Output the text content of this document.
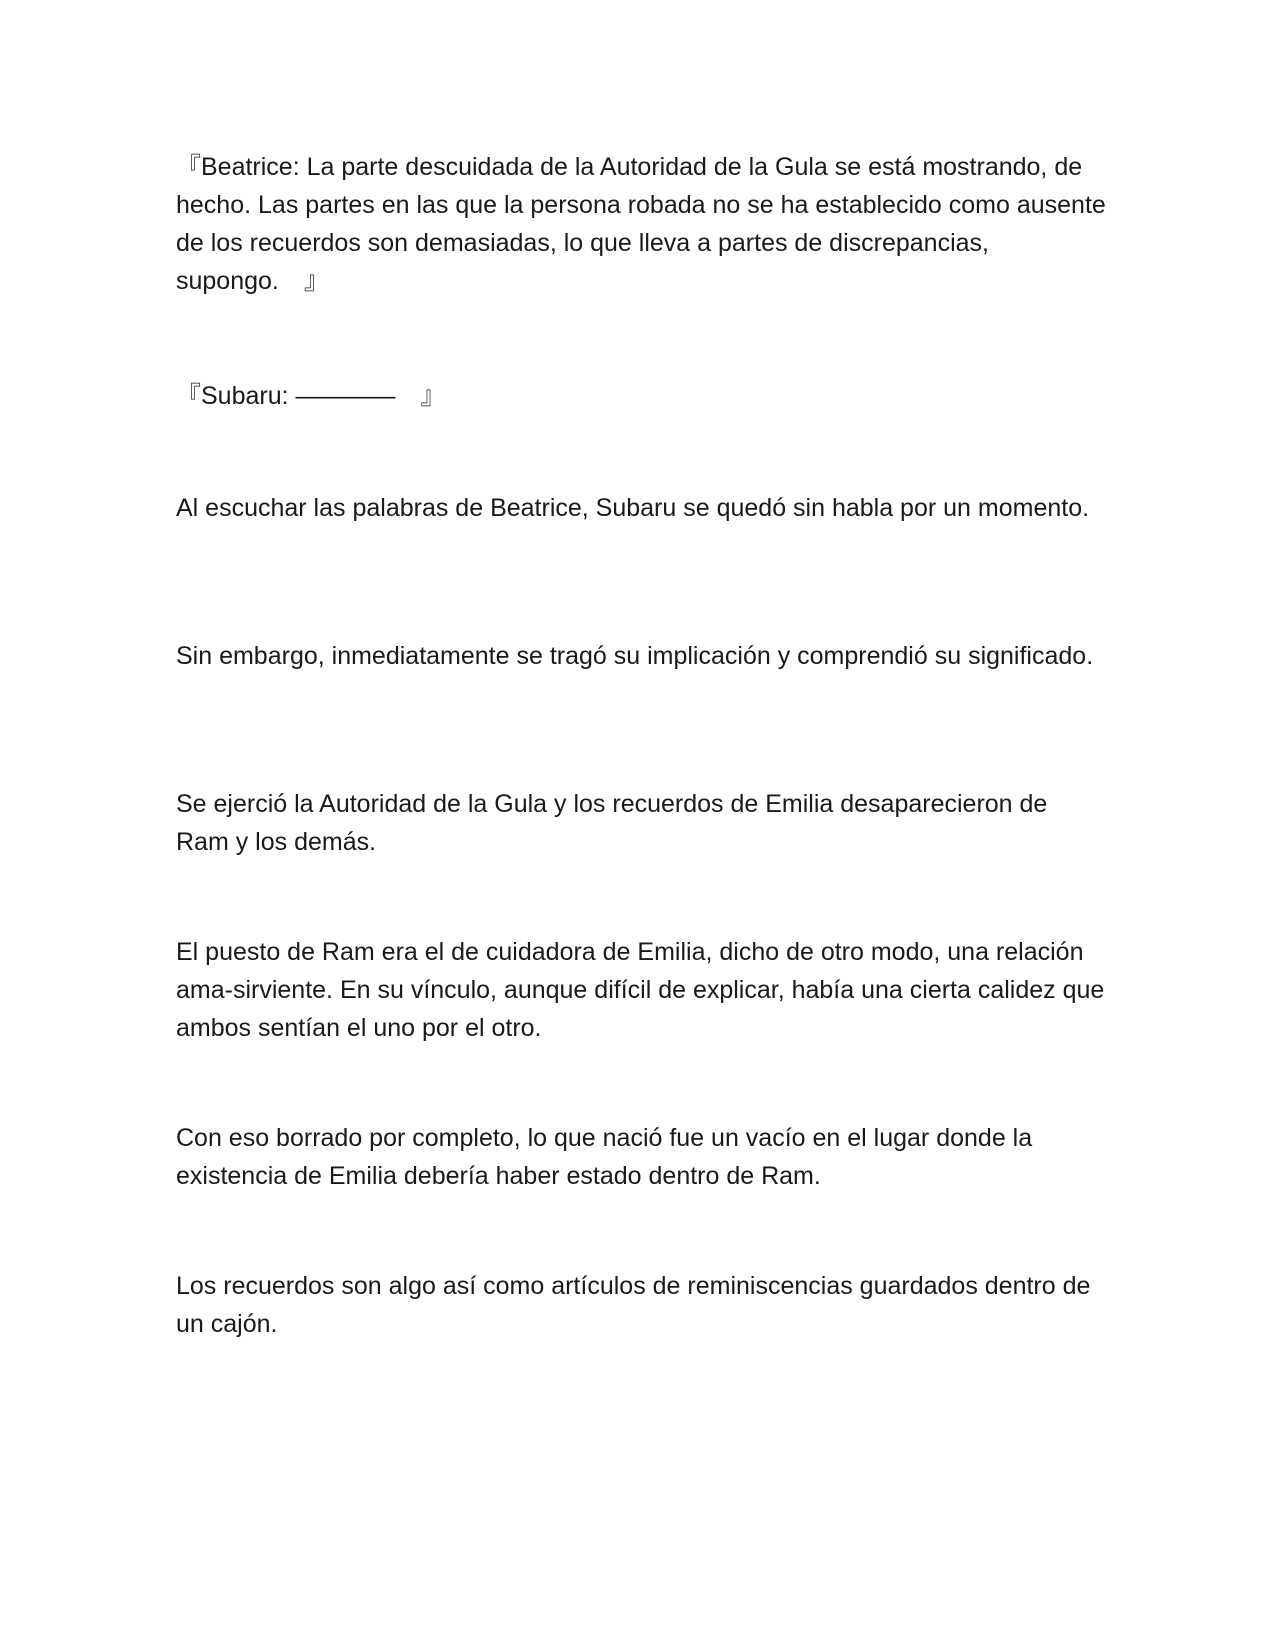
『Beatrice: La parte descuidada de la Autoridad de la Gula se está mostrando, de hecho. Las partes en las que la persona robada no se ha establecido como ausente de los recuerdos son demasiadas, lo que lleva a partes de discrepancias, supongo.　』

『Subaru: ————　』

Al escuchar las palabras de Beatrice, Subaru se quedó sin habla por un momento.

Sin embargo, inmediatamente se tragó su implicación y comprendió su significado.

Se ejerció la Autoridad de la Gula y los recuerdos de Emilia desaparecieron de Ram y los demás.

El puesto de Ram era el de cuidadora de Emilia, dicho de otro modo, una relación ama-sirviente. En su vínculo, aunque difícil de explicar, había una cierta calidez que ambos sentían el uno por el otro.

Con eso borrado por completo, lo que nació fue un vacío en el lugar donde la existencia de Emilia debería haber estado dentro de Ram.

Los recuerdos son algo así como artículos de reminiscencias guardados dentro de un cajón.
